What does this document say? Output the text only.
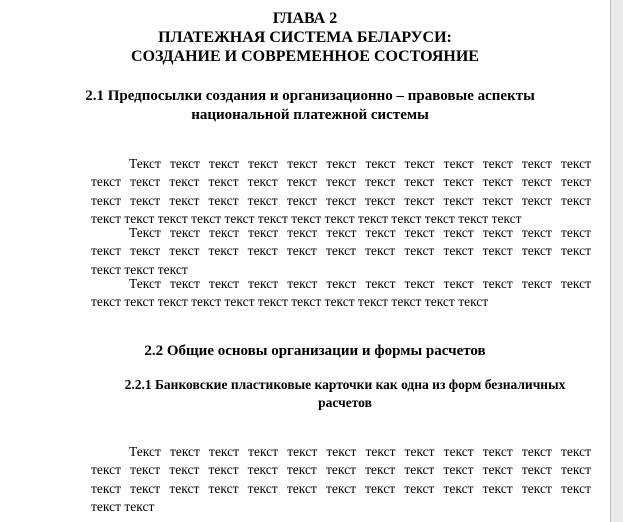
ГЛАВА 2
ПЛАТЕЖНАЯ СИСТЕМА БЕЛАРУСИ:
СОЗДАНИЕ И СОВРЕМЕННОЕ СОСТОЯНИЕ
2.1 Предпосылки создания и организационно – правовые аспекты
национальной платежной системы
Текст текст текст текст текст текст текст текст текст текст текст текст
текст текст текст текст текст текст текст текст текст текст текст текст текст
текст текст текст текст текст текст текст текст текст текст текст текст текст
текст текст текст текст текст текст текст текст текст текст текст текст текст
Текст текст текст текст текст текст текст текст текст текст текст текст
текст текст текст текст текст текст текст текст текст текст текст текст текст
текст текст текст
Текст текст текст текст текст текст текст текст текст текст текст текст
текст текст текст текст текст текст текст текст текст текст текст текст
2.2 Общие основы организации и формы расчетов
2.2.1 Банковские пластиковые карточки как одна из форм безналичных
расчетов
Текст текст текст текст текст текст текст текст текст текст текст текст
текст текст текст текст текст текст текст текст текст текст текст текст текст
текст текст текст текст текст текст текст текст текст текст текст текст текст
текст текст
